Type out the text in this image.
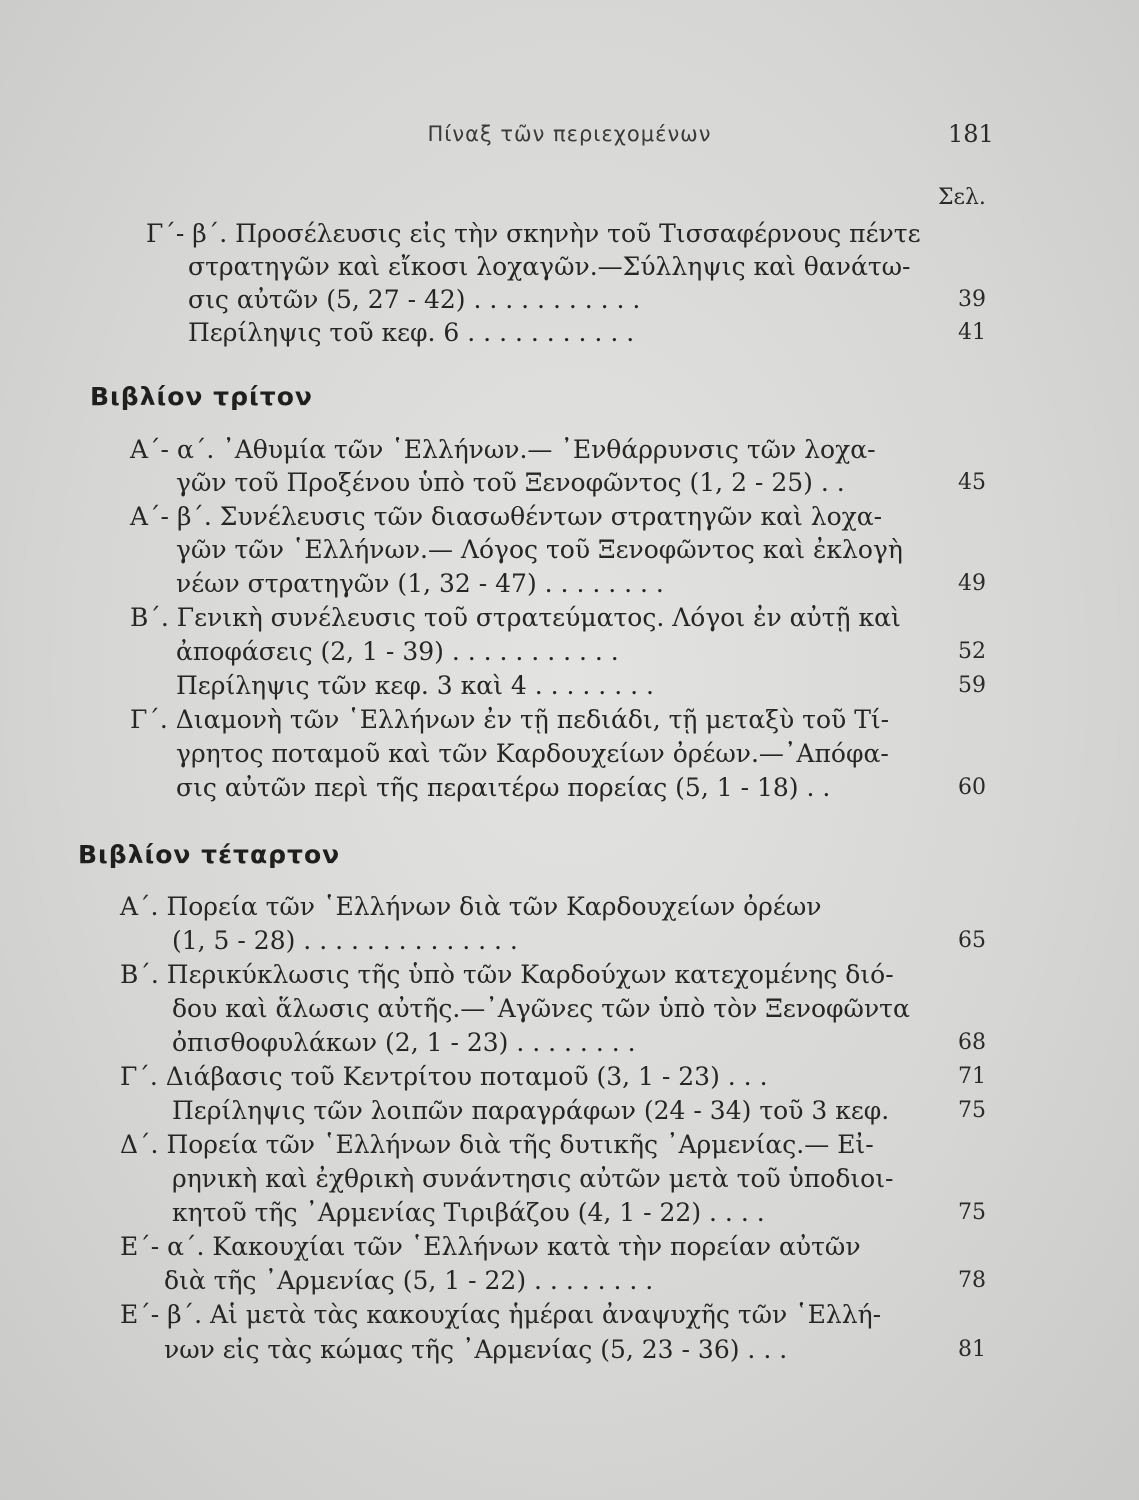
Πίναξ τῶν περιεχομένων	181
Σελ.
Γ΄- β΄. Προσέλευσις εἰς τὴν σκηνὴν τοῦ Τισσαφέρνους πέντε
στρατηγῶν καὶ εἴκοσι λοχαγῶν.—Σύλληψις καὶ θανάτω-
σις αὐτῶν (5, 27 - 42) . . . . . . . . . . .	39
Περίληψις τοῦ κεφ. 6 . . . . . . . . . . .	41
Βιβλίον τρίτον
Α΄- α΄. ᾿Αθυμία τῶν ῾Ελλήνων.— ᾿Ενθάρρυνσις τῶν λοχα-
γῶν τοῦ Προξένου ὑπὸ τοῦ Ξενοφῶντος (1, 2 - 25) . .	45
Α΄- β΄. Συνέλευσις τῶν διασωθέντων στρατηγῶν καὶ λοχα-
γῶν τῶν ῾Ελλήνων.— Λόγος τοῦ Ξενοφῶντος καὶ ἐκλογὴ
νέων στρατηγῶν (1, 32 - 47) . . . . . . . .	49
Β΄. Γενικὴ συνέλευσις τοῦ στρατεύματος. Λόγοι ἐν αὐτῇ καὶ
ἀποφάσεις (2, 1 - 39) . . . . . . . . . . .	52
Περίληψις τῶν κεφ. 3 καὶ 4 . . . . . . . .	59
Γ΄. Διαμονὴ τῶν ῾Ελλήνων ἐν τῇ πεδιάδι, τῇ μεταξὺ τοῦ Τί-
γρητος ποταμοῦ καὶ τῶν Καρδουχείων ὀρέων.—᾿Απόφα-
σις αὐτῶν περὶ τῆς περαιτέρω πορείας (5, 1 - 18) . .	60
Βιβλίον τέταρτον
Α΄. Πορεία τῶν ῾Ελλήνων διὰ τῶν Καρδουχείων ὀρέων
(1, 5 - 28) . . . . . . . . . . . . . .	65
Β΄. Περικύκλωσις τῆς ὑπὸ τῶν Καρδούχων κατεχομένης διό-
δου καὶ ἅλωσις αὐτῆς.—᾿Αγῶνες τῶν ὑπὸ τὸν Ξενοφῶντα
ὀπισθοφυλάκων (2, 1 - 23) . . . . . . . .	68
Γ΄. Διάβασις τοῦ Κεντρίτου ποταμοῦ (3, 1 - 23) . . .	71
Περίληψις τῶν λοιπῶν παραγράφων (24 - 34) τοῦ 3 κεφ.	75
Δ΄. Πορεία τῶν ῾Ελλήνων διὰ τῆς δυτικῆς ᾿Αρμενίας.— Εἰ-
ρηνικὴ καὶ ἐχθρικὴ συνάντησις αὐτῶν μετὰ τοῦ ὑποδιοι-
κητοῦ τῆς ᾿Αρμενίας Τιριβάζου (4, 1 - 22) . . . .	75
Ε΄- α΄. Κακουχίαι τῶν ῾Ελλήνων κατὰ τὴν πορείαν αὐτῶν
διὰ τῆς ᾿Αρμενίας (5, 1 - 22) . . . . . . . .	78
Ε΄- β΄. Αἱ μετὰ τὰς κακουχίας ἡμέραι ἀναψυχῆς τῶν ῾Ελλή-
νων εἰς τὰς κώμας τῆς ᾿Αρμενίας (5, 23 - 36) . . .	81
